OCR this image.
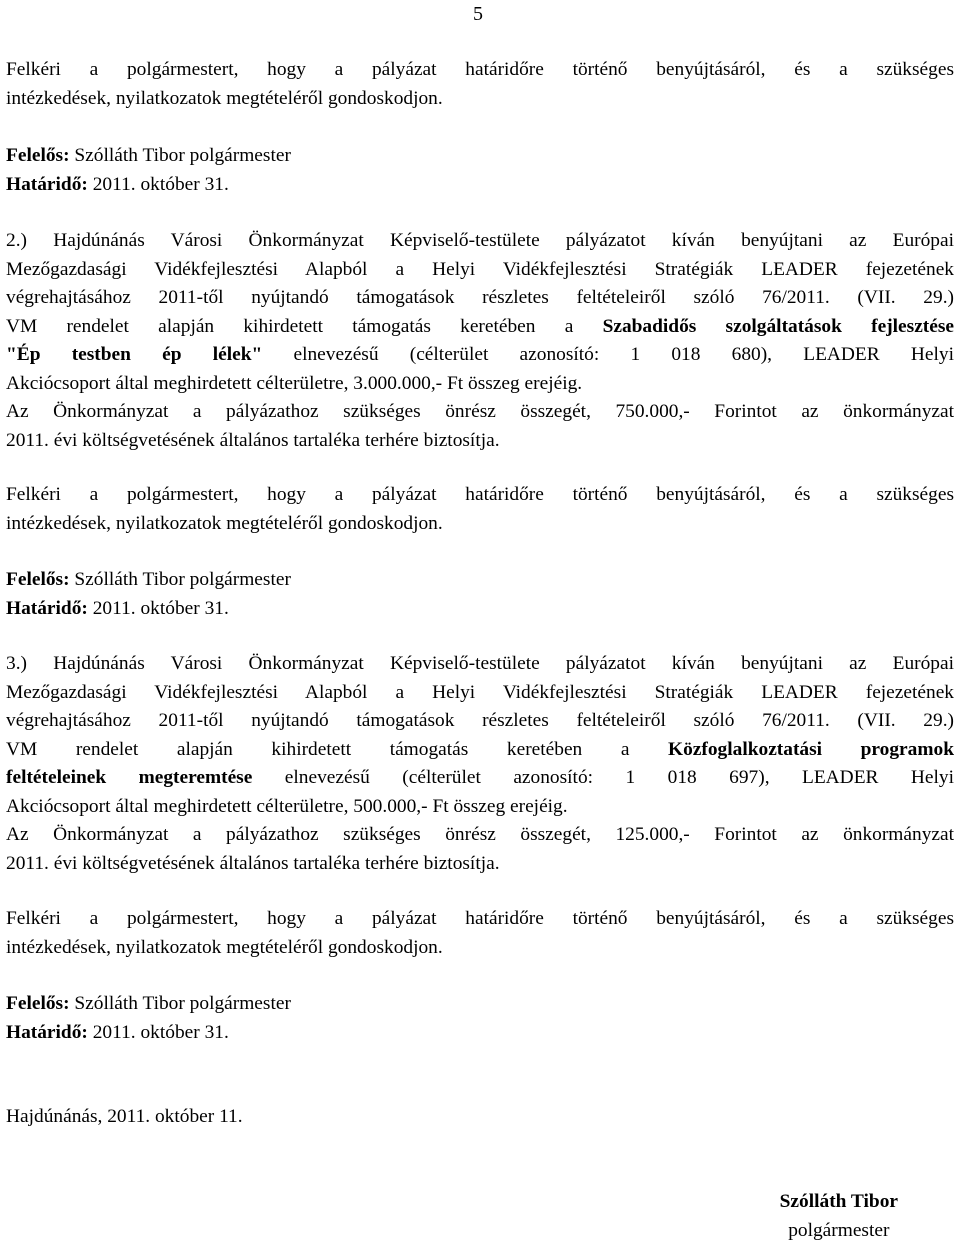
5
Felkéri a polgármestert, hogy a pályázat határidőre történő benyújtásáról, és a szükséges
intézkedések, nyilatkozatok megtételéről gondoskodjon.
Felelős: Szólláth Tibor polgármester
Határidő: 2011. október 31.
2.) Hajdúnánás Városi Önkormányzat Képviselő-testülete pályázatot kíván benyújtani az Európai
Mezőgazdasági Vidékfejlesztési Alapból a Helyi Vidékfejlesztési Stratégiák LEADER fejezetének
végrehajtásához 2011-től nyújtandó támogatások részletes feltételeiről szóló 76/2011. (VII. 29.)
VM rendelet alapján kihirdetett támogatás keretében a Szabadidős szolgáltatások fejlesztése
"Ép testben ép lélek" elnevezésű (célterület azonosító: 1 018 680), LEADER Helyi
Akciócsoport által meghirdetett célterületre, 3.000.000,- Ft összeg erejéig.
Az Önkormányzat a pályázathoz szükséges önrész összegét, 750.000,- Forintot az önkormányzat
2011. évi költségvetésének általános tartaléka terhére biztosítja.
Felkéri a polgármestert, hogy a pályázat határidőre történő benyújtásáról, és a szükséges
intézkedések, nyilatkozatok megtételéről gondoskodjon.
Felelős: Szólláth Tibor polgármester
Határidő: 2011. október 31.
3.) Hajdúnánás Városi Önkormányzat Képviselő-testülete pályázatot kíván benyújtani az Európai
Mezőgazdasági Vidékfejlesztési Alapból a Helyi Vidékfejlesztési Stratégiák LEADER fejezetének
végrehajtásához 2011-től nyújtandó támogatások részletes feltételeiről szóló 76/2011. (VII. 29.)
VM rendelet alapján kihirdetett támogatás keretében a Közfoglalkoztatási programok
feltételeinek megteremtése elnevezésű (célterület azonosító: 1 018 697), LEADER Helyi
Akciócsoport által meghirdetett célterületre, 500.000,- Ft összeg erejéig.
Az Önkormányzat a pályázathoz szükséges önrész összegét, 125.000,- Forintot az önkormányzat
2011. évi költségvetésének általános tartaléka terhére biztosítja.
Felkéri a polgármestert, hogy a pályázat határidőre történő benyújtásáról, és a szükséges
intézkedések, nyilatkozatok megtételéről gondoskodjon.
Felelős: Szólláth Tibor polgármester
Határidő: 2011. október 31.
Hajdúnánás, 2011. október 11.
Szólláth Tibor
polgármester
